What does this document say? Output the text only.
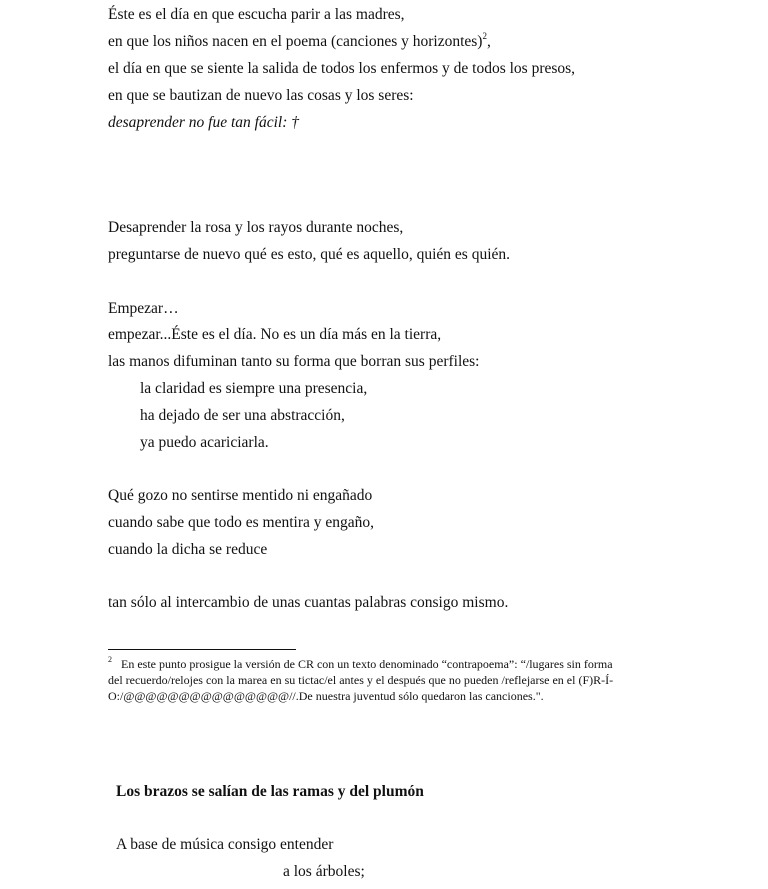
Éste es el día en que escucha parir a las madres,
en que los niños nacen en el poema (canciones y horizontes)$^2$,
el día en que se siente la salida de todos los enfermos y de todos los presos,
en que se bautizan de nuevo las cosas y los seres:
desaprender no fue tan fácil: †
Desaprender la rosa y los rayos durante noches,
preguntarse de nuevo qué es esto, qué es aquello, quién es quién.
Empezar…
empezar...Éste es el día. No es un día más en la tierra,
las manos difuminan tanto su forma que borran sus perfiles:
la claridad es siempre una presencia,
ha dejado de ser una abstracción,
ya puedo acariciarla.
Qué gozo no sentirse mentido ni engañado
cuando sabe que todo es mentira y engaño,
cuando la dicha se reduce
tan sólo al intercambio de unas cuantas palabras consigo mismo.
$^2$ En este punto prosigue la versión de CR con un texto denominado “contrapoema”: “/lugares sin forma
del recuerdo/relojes con la marea en su tictac/el antes y el después que no pueden /reflejarse en el (F)R-Í-
O:/@@@@@@@@@@@@@@@//.De nuestra juventud sólo quedaron las canciones.".
Los brazos se salían de las ramas y del plumón
A base de música consigo entender
a los árboles;
